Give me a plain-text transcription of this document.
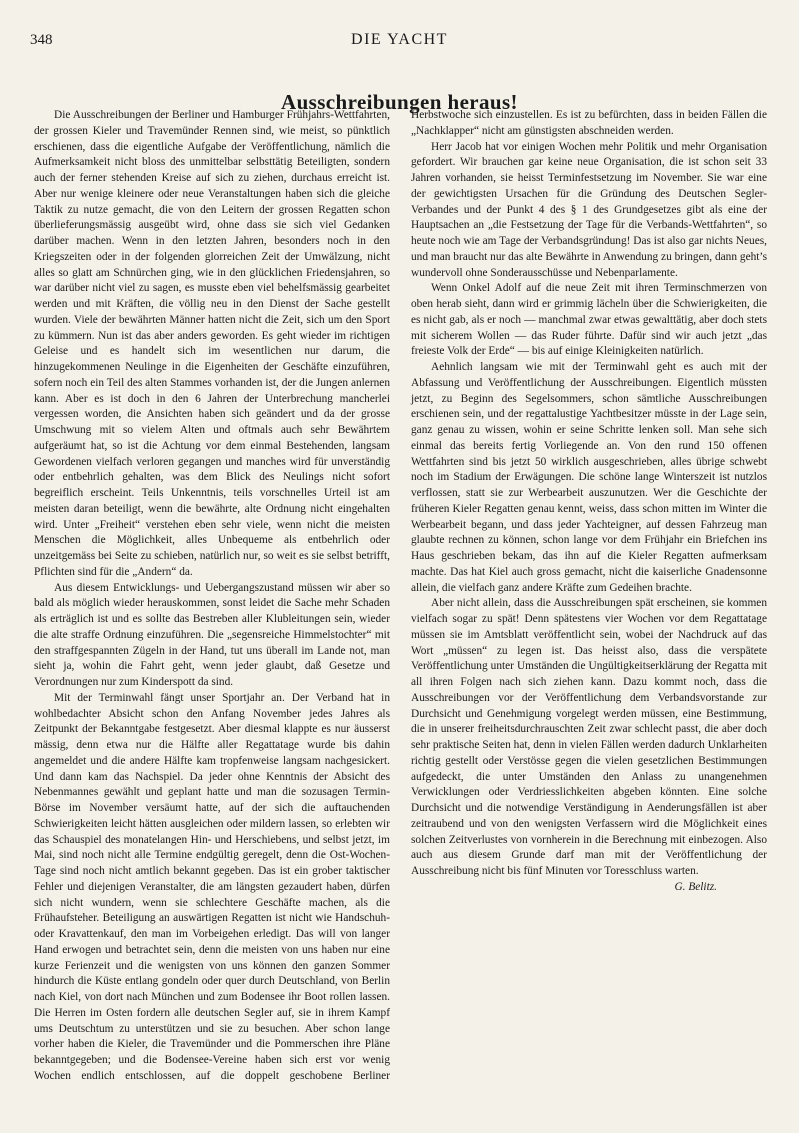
348	DIE YACHT
Ausschreibungen heraus!

Die Ausschreibungen der Berliner und Hamburger Frühjahrs-Wettfahrten, der grossen Kieler und Travemünder Rennen sind, wie meist, so pünktlich erschienen, dass die eigentliche Aufgabe der Veröffentlichung, nämlich die Aufmerksamkeit nicht bloss des unmittelbar selbsttätig Beteiligten, sondern auch der ferner stehenden Kreise auf sich zu ziehen, durchaus erreicht ist. Aber nur wenige kleinere oder neue Veranstaltungen haben sich die gleiche Taktik zu nutze gemacht, die von den Leitern der grossen Regatten schon überlieferungsmässig ausgeübt wird, ohne dass sie sich viel Gedanken darüber machen. Wenn in den letzten Jahren, besonders noch in den Kriegszeiten oder in der folgenden glorreichen Zeit der Umwälzung, nicht alles so glatt am Schnürchen ging, wie in den glücklichen Friedensjahren, so war darüber nicht viel zu sagen, es musste eben viel behelfsmässig gearbeitet werden und mit Kräften, die völlig neu in den Dienst der Sache gestellt wurden. Viele der bewährten Männer hatten nicht die Zeit, sich um den Sport zu kümmern. Nun ist das aber anders geworden. Es geht wieder im richtigen Geleise und es handelt sich im wesentlichen nur darum, die hinzugekommenen Neulinge in die Eigenheiten der Geschäfte einzuführen, sofern noch ein Teil des alten Stammes vorhanden ist, der die Jungen anlernen kann. Aber es ist doch in den 6 Jahren der Unterbrechung mancherlei vergessen worden, die Ansichten haben sich geändert und da der grosse Umschwung mit so vielem Alten und oftmals auch sehr Bewährtem aufgeräumt hat, so ist die Achtung vor dem einmal Bestehenden, langsam Gewordenen vielfach verloren gegangen und manches wird für unverständig oder entbehrlich gehalten, was dem Blick des Neulings nicht sofort begreiflich erscheint. Teils Unkenntnis, teils vorschnelles Urteil ist am meisten daran beteiligt, wenn die bewährte, alte Ordnung nicht eingehalten wird. Unter „Freiheit“ verstehen eben sehr viele, wenn nicht die meisten Menschen die Möglichkeit, alles Unbequeme als entbehrlich oder unzeitgemäss bei Seite zu schieben, natürlich nur, so weit es sie selbst betrifft, Pflichten sind für die „Andern“ da.

Aus diesem Entwicklungs- und Uebergangszustand müssen wir aber so bald als möglich wieder herauskommen, sonst leidet die Sache mehr Schaden als erträglich ist und es sollte das Bestreben aller Klubleitungen sein, wieder die alte straffe Ordnung einzuführen. Die „segensreiche Himmelstochter“ mit den straffgespannten Zügeln in der Hand, tut uns überall im Lande not, man sieht ja, wohin die Fahrt geht, wenn jeder glaubt, daß Gesetze und Verordnungen nur zum Kinderspott da sind.

Mit der Terminwahl fängt unser Sportjahr an. Der Verband hat in wohlbedachter Absicht schon den Anfang November jedes Jahres als Zeitpunkt der Bekanntgabe festgesetzt. Aber diesmal klappte es nur äusserst mässig, denn etwa nur die Hälfte aller Regattatage wurde bis dahin angemeldet und die andere Hälfte kam tropfenweise langsam nachgesickert. Und dann kam das Nachspiel. Da jeder ohne Kenntnis der Absicht des Nebenmannes gewählt und geplant hatte und man die sozusagen Termin-Börse im November versäumt hatte, auf der sich die auftauchenden Schwierigkeiten leicht hätten ausgleichen oder mildern lassen, so erlebten wir das Schauspiel des monatelangen Hin- und Herschiebens, und selbst jetzt, im Mai, sind noch nicht alle Termine endgültig geregelt, denn die Ost-Wochen-Tage sind noch nicht amtlich bekannt gegeben. Das ist ein grober taktischer Fehler und diejenigen Veranstalter, die am längsten gezaudert haben, dürfen sich nicht wundern, wenn sie schlechtere Geschäfte machen, als die Frühaufsteher. Beteiligung an auswärtigen Regatten ist nicht wie Handschuh- oder Kravattenkauf, den man im Vorbeigehen erledigt. Das will von langer Hand erwogen und betrachtet sein, denn die meisten von uns haben nur eine kurze Ferienzeit und die wenigsten von uns können den ganzen Sommer hindurch die Küste entlang gondeln oder quer durch Deutschland, von Berlin nach Kiel, von dort nach München und zum Bodensee ihr Boot rollen lassen. Die Herren im Osten fordern alle deutschen Segler auf, sie in ihrem Kampf ums Deutschtum zu unterstützen und sie zu besuchen. Aber schon lange vorher haben die Kieler, die Travemünder und die Pommerschen ihre Pläne bekanntgegeben; und die Bodensee-Vereine haben sich erst vor wenig Wochen endlich entschlossen, auf die doppelt geschobene Berliner Herbstwoche sich einzustellen. Es ist zu befürchten, dass in beiden Fällen die „Nachklapper“ nicht am günstigsten abschneiden werden.

Herr Jacob hat vor einigen Wochen mehr Politik und mehr Organisation gefordert. Wir brauchen gar keine neue Organisation, die ist schon seit 33 Jahren vorhanden, sie heisst Terminfestsetzung im November. Sie war eine der gewichtigsten Ursachen für die Gründung des Deutschen Segler-Verbandes und der Punkt 4 des § 1 des Grundgesetzes gibt als eine der Hauptsachen an „die Festsetzung der Tage für die Verbands-Wettfahrten“, so heute noch wie am Tage der Verbandsgründung! Das ist also gar nichts Neues, und man braucht nur das alte Bewährte in Anwendung zu bringen, dann geht’s wundervoll ohne Sonderausschüsse und Nebenparlamente.

Wenn Onkel Adolf auf die neue Zeit mit ihren Terminschmerzen von oben herab sieht, dann wird er grimmig lächeln über die Schwierigkeiten, die es nicht gab, als er noch — manchmal zwar etwas gewalttätig, aber doch stets mit sicherem Wollen — das Ruder führte. Dafür sind wir auch jetzt „das freieste Volk der Erde“ — bis auf einige Kleinigkeiten natürlich.

Aehnlich langsam wie mit der Terminwahl geht es auch mit der Abfassung und Veröffentlichung der Ausschreibungen. Eigentlich müssten jetzt, zu Beginn des Segelsommers, schon sämtliche Ausschreibungen erschienen sein, und der regattalustige Yachtbesitzer müsste in der Lage sein, ganz genau zu wissen, wohin er seine Schritte lenken soll. Man sehe sich einmal das bereits fertig Vorliegende an. Von den rund 150 offenen Wettfahrten sind bis jetzt 50 wirklich ausgeschrieben, alles übrige schwebt noch im Stadium der Erwägungen. Die schöne lange Winterszeit ist nutzlos verflossen, statt sie zur Werbearbeit auszunutzen. Wer die Geschichte der früheren Kieler Regatten genau kennt, weiss, dass schon mitten im Winter die Werbearbeit begann, und dass jeder Yachteigner, auf dessen Fahrzeug man glaubte rechnen zu können, schon lange vor dem Frühjahr ein Briefchen ins Haus geschrieben bekam, das ihn auf die Kieler Regatten aufmerksam machte. Das hat Kiel auch gross gemacht, nicht die kaiserliche Gnadensonne allein, die vielfach ganz andere Kräfte zum Gedeihen brachte.

Aber nicht allein, dass die Ausschreibungen spät erscheinen, sie kommen vielfach sogar zu spät! Denn spätestens vier Wochen vor dem Regattatage müssen sie im Amtsblatt veröffentlicht sein, wobei der Nachdruck auf das Wort „müssen“ zu legen ist. Das heisst also, dass die verspätete Veröffentlichung unter Umständen die Ungültigkeitserklärung der Regatta mit all ihren Folgen nach sich ziehen kann. Dazu kommt noch, dass die Ausschreibungen vor der Veröffentlichung dem Verbandsvorstande zur Durchsicht und Genehmigung vorgelegt werden müssen, eine Bestimmung, die in unserer freiheitsdurchrauschten Zeit zwar schlecht passt, die aber doch sehr praktische Seiten hat, denn in vielen Fällen werden dadurch Unklarheiten richtig gestellt oder Verstösse gegen die vielen gesetzlichen Bestimmungen aufgedeckt, die unter Umständen den Anlass zu unangenehmen Verwicklungen oder Verdriesslichkeiten abgeben könnten. Eine solche Durchsicht und die notwendige Verständigung in Aenderungsfällen ist aber zeitraubend und von den wenigsten Verfassern wird die Möglichkeit eines solchen Zeitverlustes von vornherein in die Berechnung mit einbezogen. Also auch aus diesem Grunde darf man mit der Veröffentlichung der Ausschreibung nicht bis fünf Minuten vor Toresschluss warten.

G. Belitz.
